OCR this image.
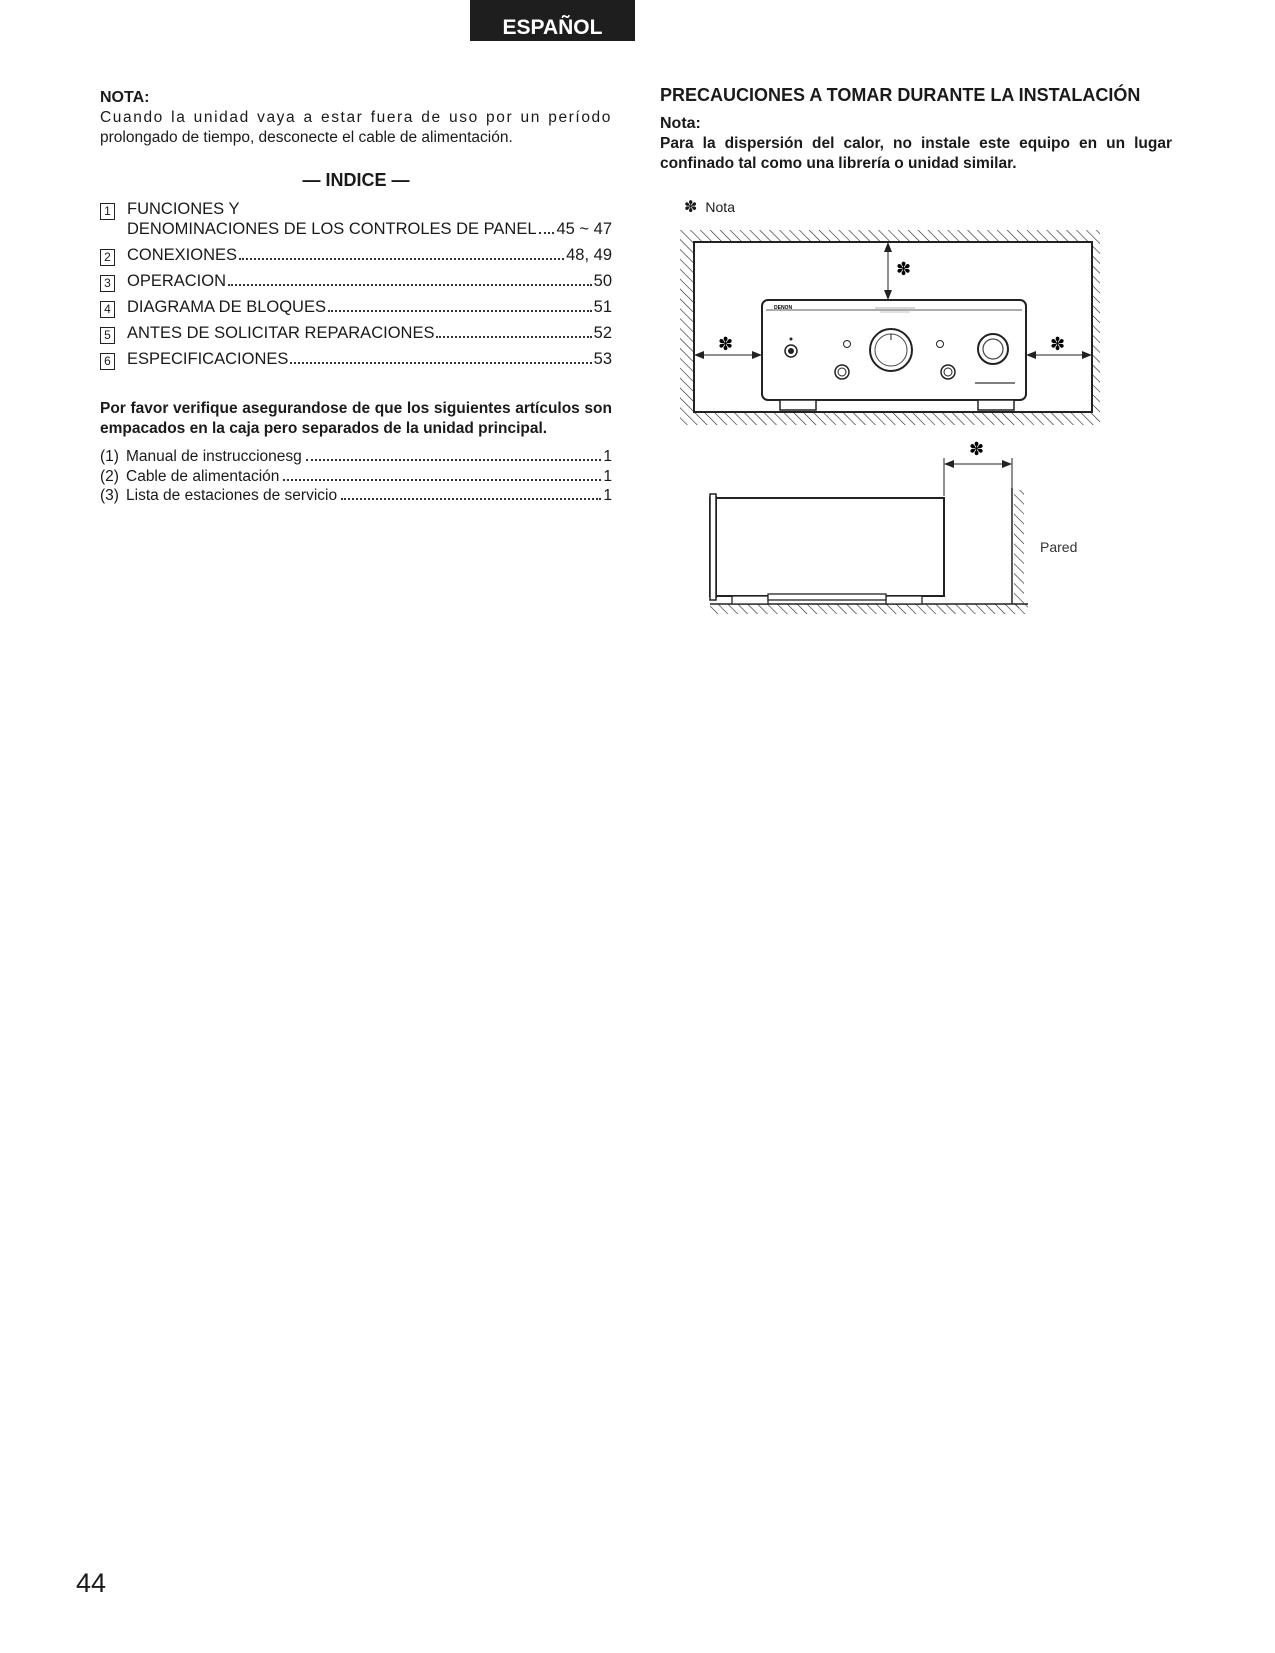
ESPAÑOL

NOTA:

Cuando la unidad vaya a estar fuera de uso por un período
prolongado de tiempo, desconecte el cable de alimentación.

— INDICE —
1 FUNCIONES Y
DENOMINACIONES DE LOS CONTROLES DE PANEL 45 ~ 47
2 CONEXIONES	48, 49
3 OPERACION	50
4 DIAGRAMA DE BLOQUES	51
5 ANTES DE SOLICITAR REPARACIONES	52
6 ESPECIFICACIONES	53

Por favor verifique asegurandose de que los siguientes artículos son empacados en la caja pero separados de la unidad principal.

(1) Manual de instruccionesg	1
(2) Cable de alimentación	1
(3) Lista de estaciones de servicio	1

PRECAUCIONES A TOMAR DURANTE LA INSTALACIÓN

Nota:

Para la dispersión del calor, no instale este equipo en un lugar confinado tal como una librería o unidad similar.

✽ Nota
DENON
✽
✽	✽
✽
Pared
44
